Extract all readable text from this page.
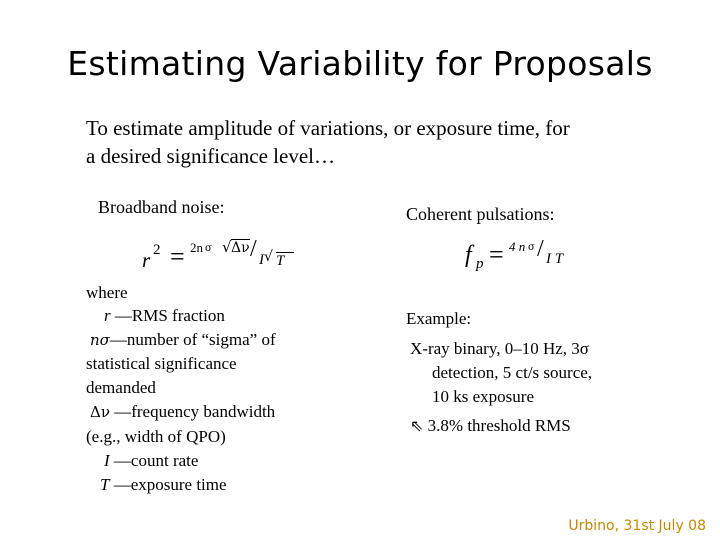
Estimating Variability for Proposals
To estimate amplitude of variations, or exposure time, for
a desired significance level…
Broadband noise:
r 2 = 2n σ √ Δν / I √ T
where
r —RMS fraction
nσ—number of “sigma” of
statistical significance
demanded
Δν —frequency bandwidth
(e.g., width of QPO)
I —count rate
T —exposure time
Coherent pulsations:
f p = 4 n σ / I T
Example:
X-ray binary, 0–10 Hz, 3σ
detection, 5 ct/s source,
10 ks exposure
⇖ 3.8% threshold RMS
Urbino, 31st July 08
